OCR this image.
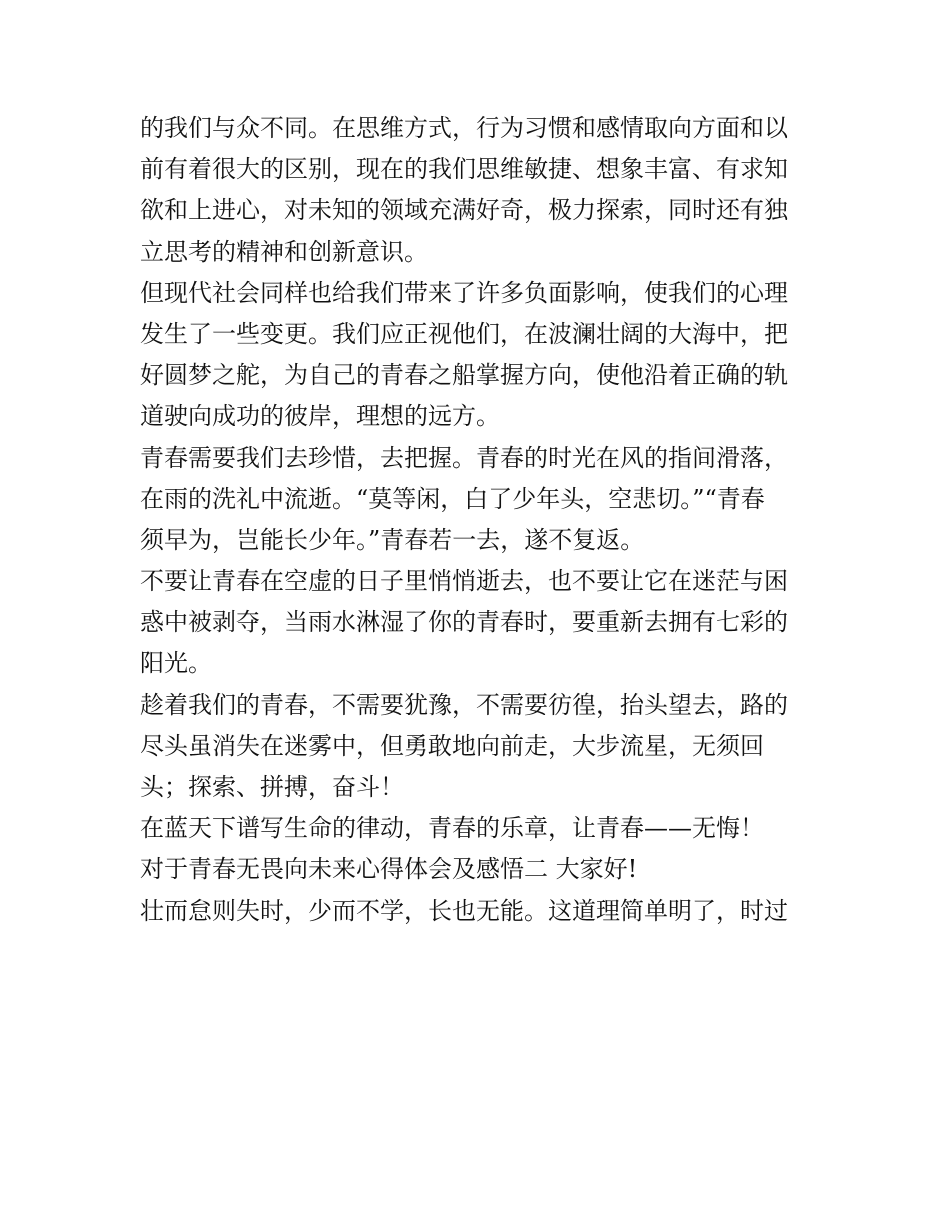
的我们与众不同。在思维方式，行为习惯和感情取向方面和以
前有着很大的区别，现在的我们思维敏捷、想象丰富、有求知
欲和上进心，对未知的领域充满好奇，极力探索，同时还有独
立思考的精神和创新意识。
但现代社会同样也给我们带来了许多负面影响，使我们的心理
发生了一些变更。我们应正视他们，在波澜壮阔的大海中，把
好圆梦之舵，为自己的青春之船掌握方向，使他沿着正确的轨
道驶向成功的彼岸，理想的远方。
青春需要我们去珍惜，去把握。青春的时光在风的指间滑落，
在雨的洗礼中流逝。“莫等闲，白了少年头，空悲切。”“青春
须早为，岂能长少年。”青春若一去，遂不复返。
不要让青春在空虚的日子里悄悄逝去，也不要让它在迷茫与困
惑中被剥夺，当雨水淋湿了你的青春时，要重新去拥有七彩的
阳光。
趁着我们的青春，不需要犹豫，不需要彷徨，抬头望去，路的
尽头虽消失在迷雾中，但勇敢地向前走，大步流星，无须回
头；探索、拼搏，奋斗！
在蓝天下谱写生命的律动，青春的乐章，让青春——无悔！
对于青春无畏向未来心得体会及感悟二 大家好!
壮而怠则失时，少而不学，长也无能。这道理简单明了，时过
